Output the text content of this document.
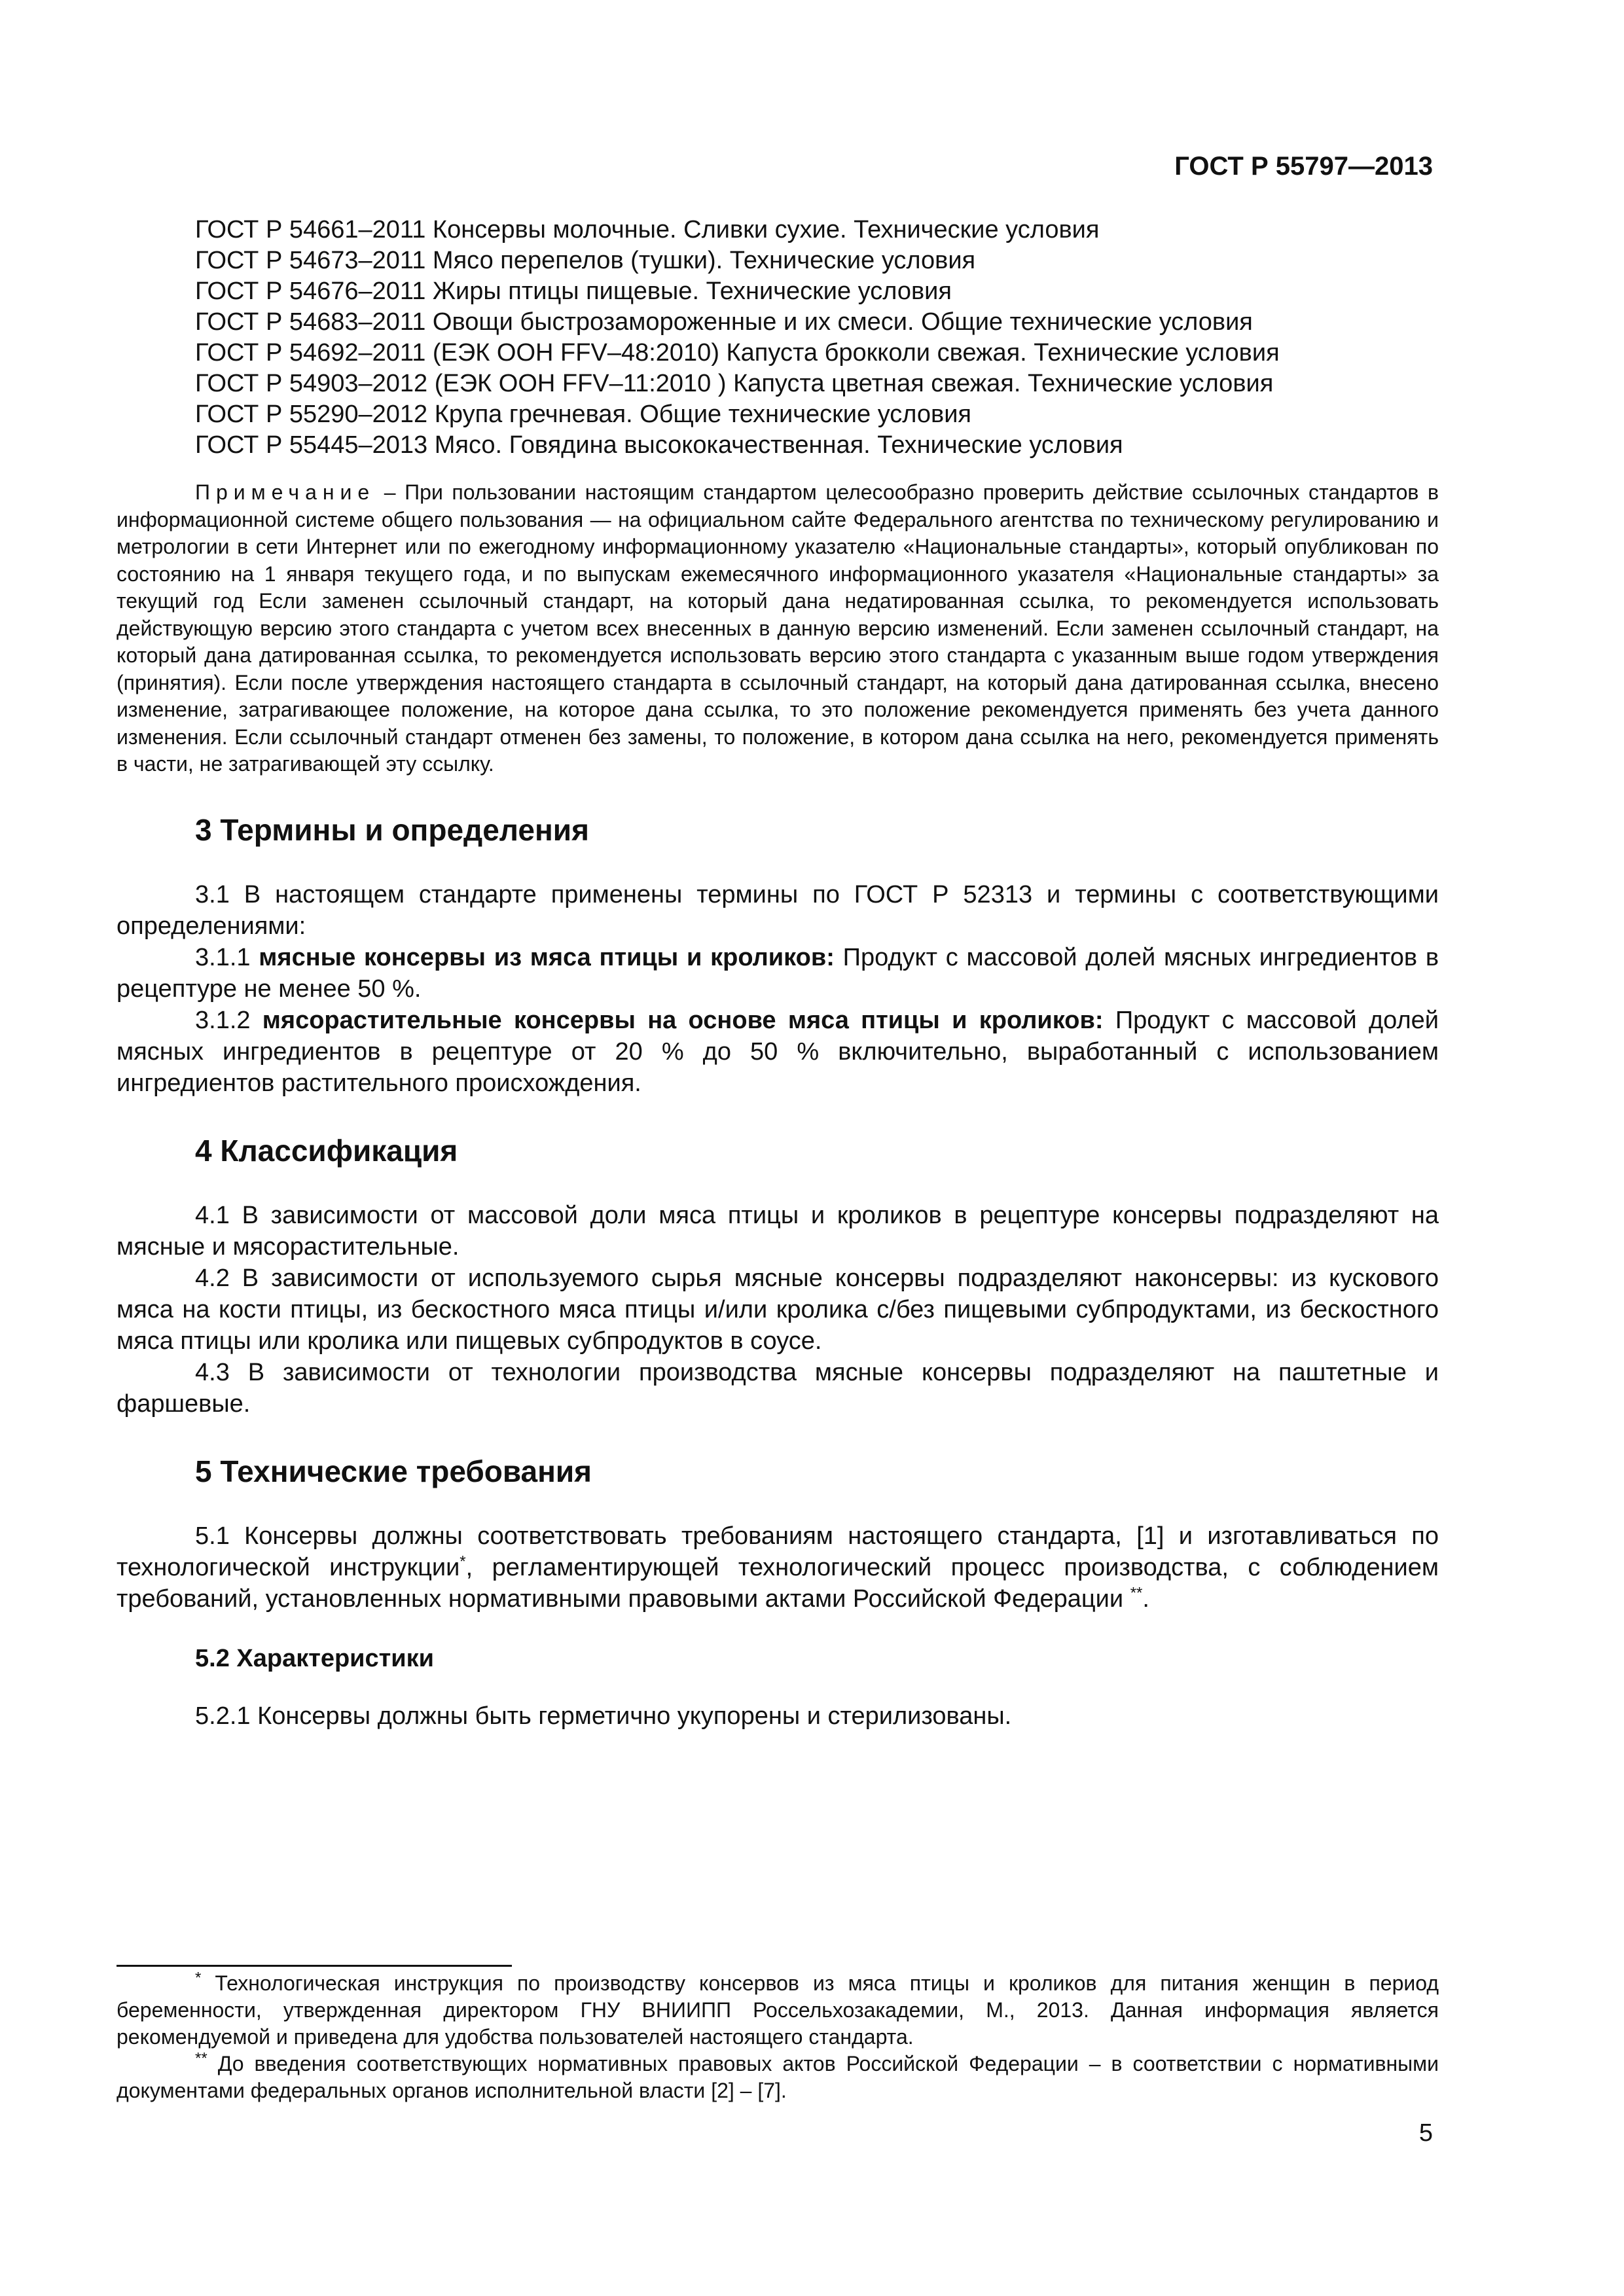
ГОСТ Р 55797—2013
ГОСТ Р 54661–2011 Консервы молочные. Сливки сухие. Технические условия
ГОСТ Р 54673–2011 Мясо перепелов (тушки). Технические условия
ГОСТ Р 54676–2011 Жиры птицы пищевые. Технические условия
ГОСТ Р 54683–2011 Овощи быстрозамороженные и их смеси. Общие технические условия
ГОСТ Р 54692–2011 (ЕЭК ООН FFV–48:2010) Капуста брокколи свежая. Технические условия
ГОСТ Р 54903–2012 (ЕЭК ООН FFV–11:2010 ) Капуста цветная свежая. Технические условия
ГОСТ Р 55290–2012 Крупа гречневая. Общие технические условия
ГОСТ Р 55445–2013 Мясо. Говядина высококачественная. Технические условия
Примечание – При пользовании настоящим стандартом целесообразно проверить действие ссылочных стандартов в информационной системе общего пользования — на официальном сайте Федерального агентства по техническому регулированию и метрологии в сети Интернет или по ежегодному информационному указателю «Национальные стандарты», который опубликован по состоянию на 1 января текущего года, и по выпускам ежемесячного информационного указателя «Национальные стандарты» за текущий год Если заменен ссылочный стандарт, на который дана недатированная ссылка, то рекомендуется использовать действующую версию этого стандарта с учетом всех внесенных в данную версию изменений. Если заменен ссылочный стандарт, на который дана датированная ссылка, то рекомендуется использовать версию этого стандарта с указанным выше годом утверждения (принятия). Если после утверждения настоящего стандарта в ссылочный стандарт, на который дана датированная ссылка, внесено изменение, затрагивающее положение, на которое дана ссылка, то это положение рекомендуется применять без учета данного изменения. Если ссылочный стандарт отменен без замены, то положение, в котором дана ссылка на него, рекомендуется применять в части, не затрагивающей эту ссылку.
3 Термины и определения

3.1 В настоящем стандарте применены термины по ГОСТ Р 52313 и термины с соответствующими определениями:

3.1.1 мясные консервы из мяса птицы и кроликов: Продукт с массовой долей мясных ингредиентов в рецептуре не менее 50 %.

3.1.2 мясорастительные консервы на основе мяса птицы и кроликов: Продукт с массовой долей мясных ингредиентов в рецептуре от 20 % до 50 % включительно, выработанный с использованием ингредиентов растительного происхождения.

4 Классификация

4.1 В зависимости от массовой доли мяса птицы и кроликов в рецептуре консервы подразделяют на мясные и мясорастительные.

4.2 В зависимости от используемого сырья мясные консервы подразделяют наконсервы: из кускового мяса на кости птицы, из бескостного мяса птицы и/или кролика с/без пищевыми субпродуктами, из бескостного мяса птицы или кролика или пищевых субпродуктов в соусе.

4.3 В зависимости от технологии производства мясные консервы подразделяют на паштетные и фаршевые.

5 Технические требования

5.1 Консервы должны соответствовать требованиям настоящего стандарта, [1] и изготавливаться по технологической инструкции*, регламентирующей технологический процесс производства, с соблюдением требований, установленных нормативными правовыми актами Российской Федерации **.

5.2 Характеристики

5.2.1 Консервы должны быть герметично укупорены и стерилизованы.

* Технологическая инструкция по производству консервов из мяса птицы и кроликов для питания женщин в период беременности, утвержденная директором ГНУ ВНИИПП Россельхозакадемии, М., 2013. Данная информация является рекомендуемой и приведена для удобства пользователей настоящего стандарта.
** До введения соответствующих нормативных правовых актов Российской Федерации – в соответствии с нормативными документами федеральных органов исполнительной власти [2] – [7].
5
